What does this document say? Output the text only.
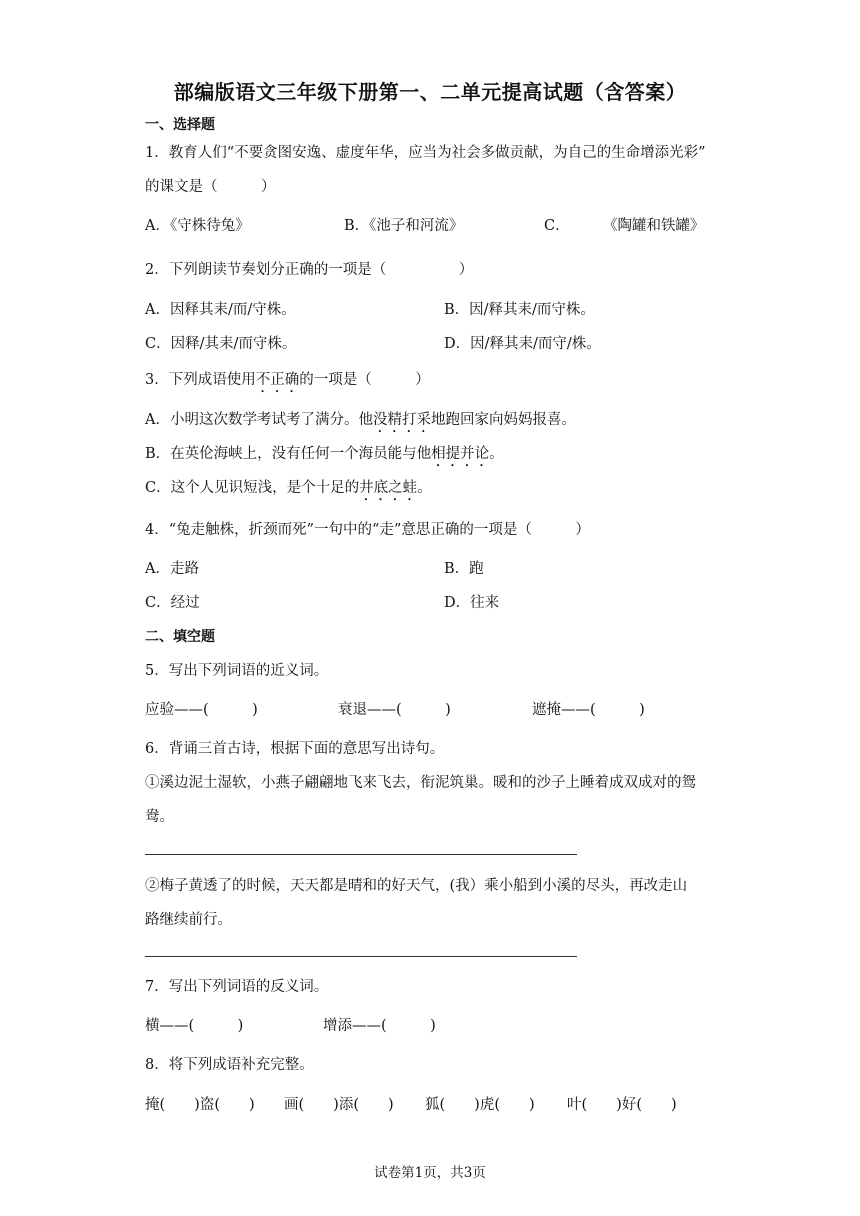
部编版语文三年级下册第一、二单元提高试题（含答案）
一、选择题
1．教育人们“不要贪图安逸、虚度年华，应当为社会多做贡献，为自己的生命增添光彩”
的课文是（　　　）
A．《守株待兔》	B．《池子和河流》	C． 《陶罐和铁罐》
2．下列朗读节奏划分正确的一项是（　　　　　）
A．因释其耒/而/守株。	B．因/释其耒/而守株。
C．因释/其耒/而守株。	D．因/释其耒/而守/株。
3．下列成语使用不正确的一项是（　　　）
A．小明这次数学考试考了满分。他没精打采地跑回家向妈妈报喜。
B．在英伦海峡上，没有任何一个海员能与他相提并论。
C．这个人见识短浅，是个十足的井底之蛙。
4．“兔走触株，折颈而死”一句中的“走”意思正确的一项是（　　　）
A．走路	B．跑
C．经过	D．往来
二、填空题
5．写出下列词语的近义词。
应验——(　　　)	衰退——(　　　)	遮掩——(　　　)
6．背诵三首古诗，根据下面的意思写出诗句。
①溪边泥土湿软，小燕子翩翩地飞来飞去，衔泥筑巢。暖和的沙子上睡着成双成对的鸳
鸯。
②梅子黄透了的时候，天天都是晴和的好天气，(我）乘小船到小溪的尽头，再改走山
路继续前行。
7．写出下列词语的反义词。
横——(　　　)	增添——(　　　)
8．将下列成语补充完整。
掩(　　)盗(　　) 画(　　)添(　　) 狐(　　)虎(　　) 叶(　　)好(　　)
试卷第1页，共3页
